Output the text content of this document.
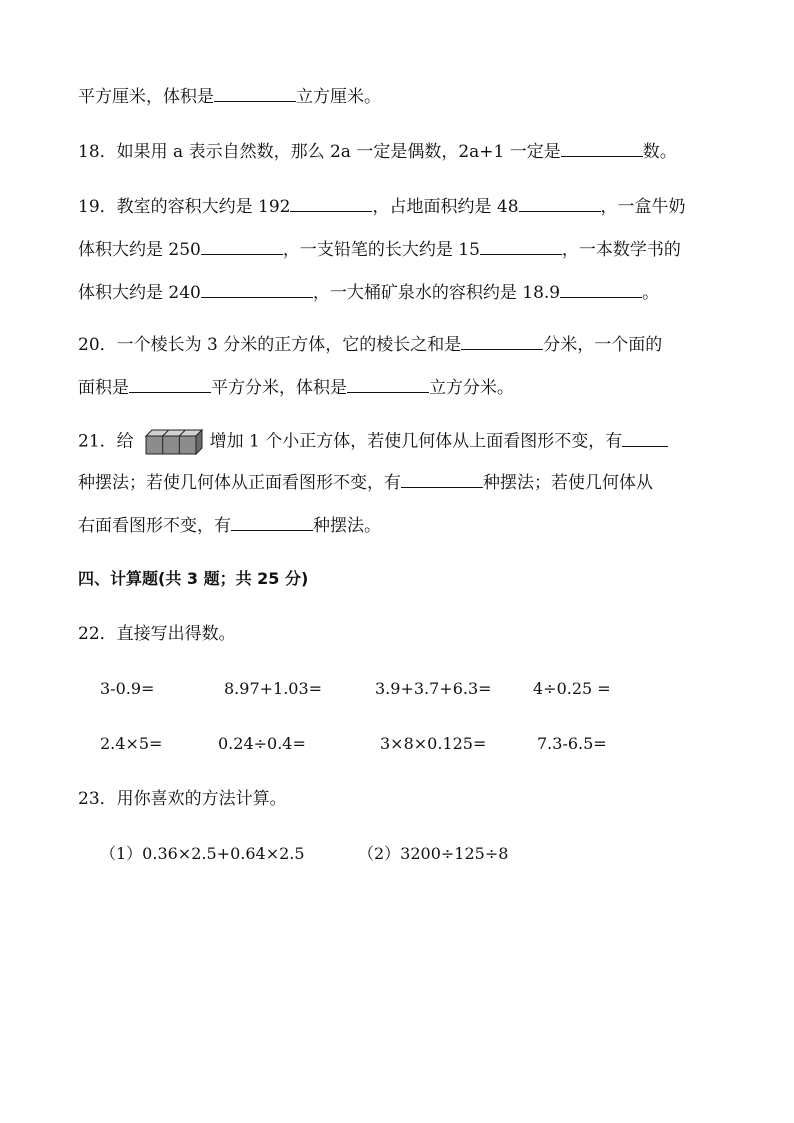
平方厘米，体积是	立方厘米。
18．如果用 a 表示自然数，那么 2a 一定是偶数，2a+1 一定是	数。
19．教室的容积大约是 192	，占地面积约是 48	，一盒牛奶
体积大约是 250	，一支铅笔的长大约是 15	，一本数学书的
体积大约是 240	，一大桶矿泉水的容积约是 18.9	。
20．一个棱长为 3 分米的正方体，它的棱长之和是	分米，一个面的
面积是	平方分米，体积是	立方分米。
21．给	增加 1 个小正方体，若使几何体从上面看图形不变，有
种摆法；若使几何体从正面看图形不变，有	种摆法；若使几何体从
右面看图形不变，有	种摆法。
四、计算题(共 3 题；共 25 分)
22．直接写出得数。
3-0.9=	8.97+1.03=	3.9+3.7+6.3=	4÷0.25 =
2.4×5=	0.24÷0.4=	3×8×0.125=	7.3-6.5=
23．用你喜欢的方法计算。
（1）0.36×2.5+0.64×2.5	（2）3200÷125÷8
